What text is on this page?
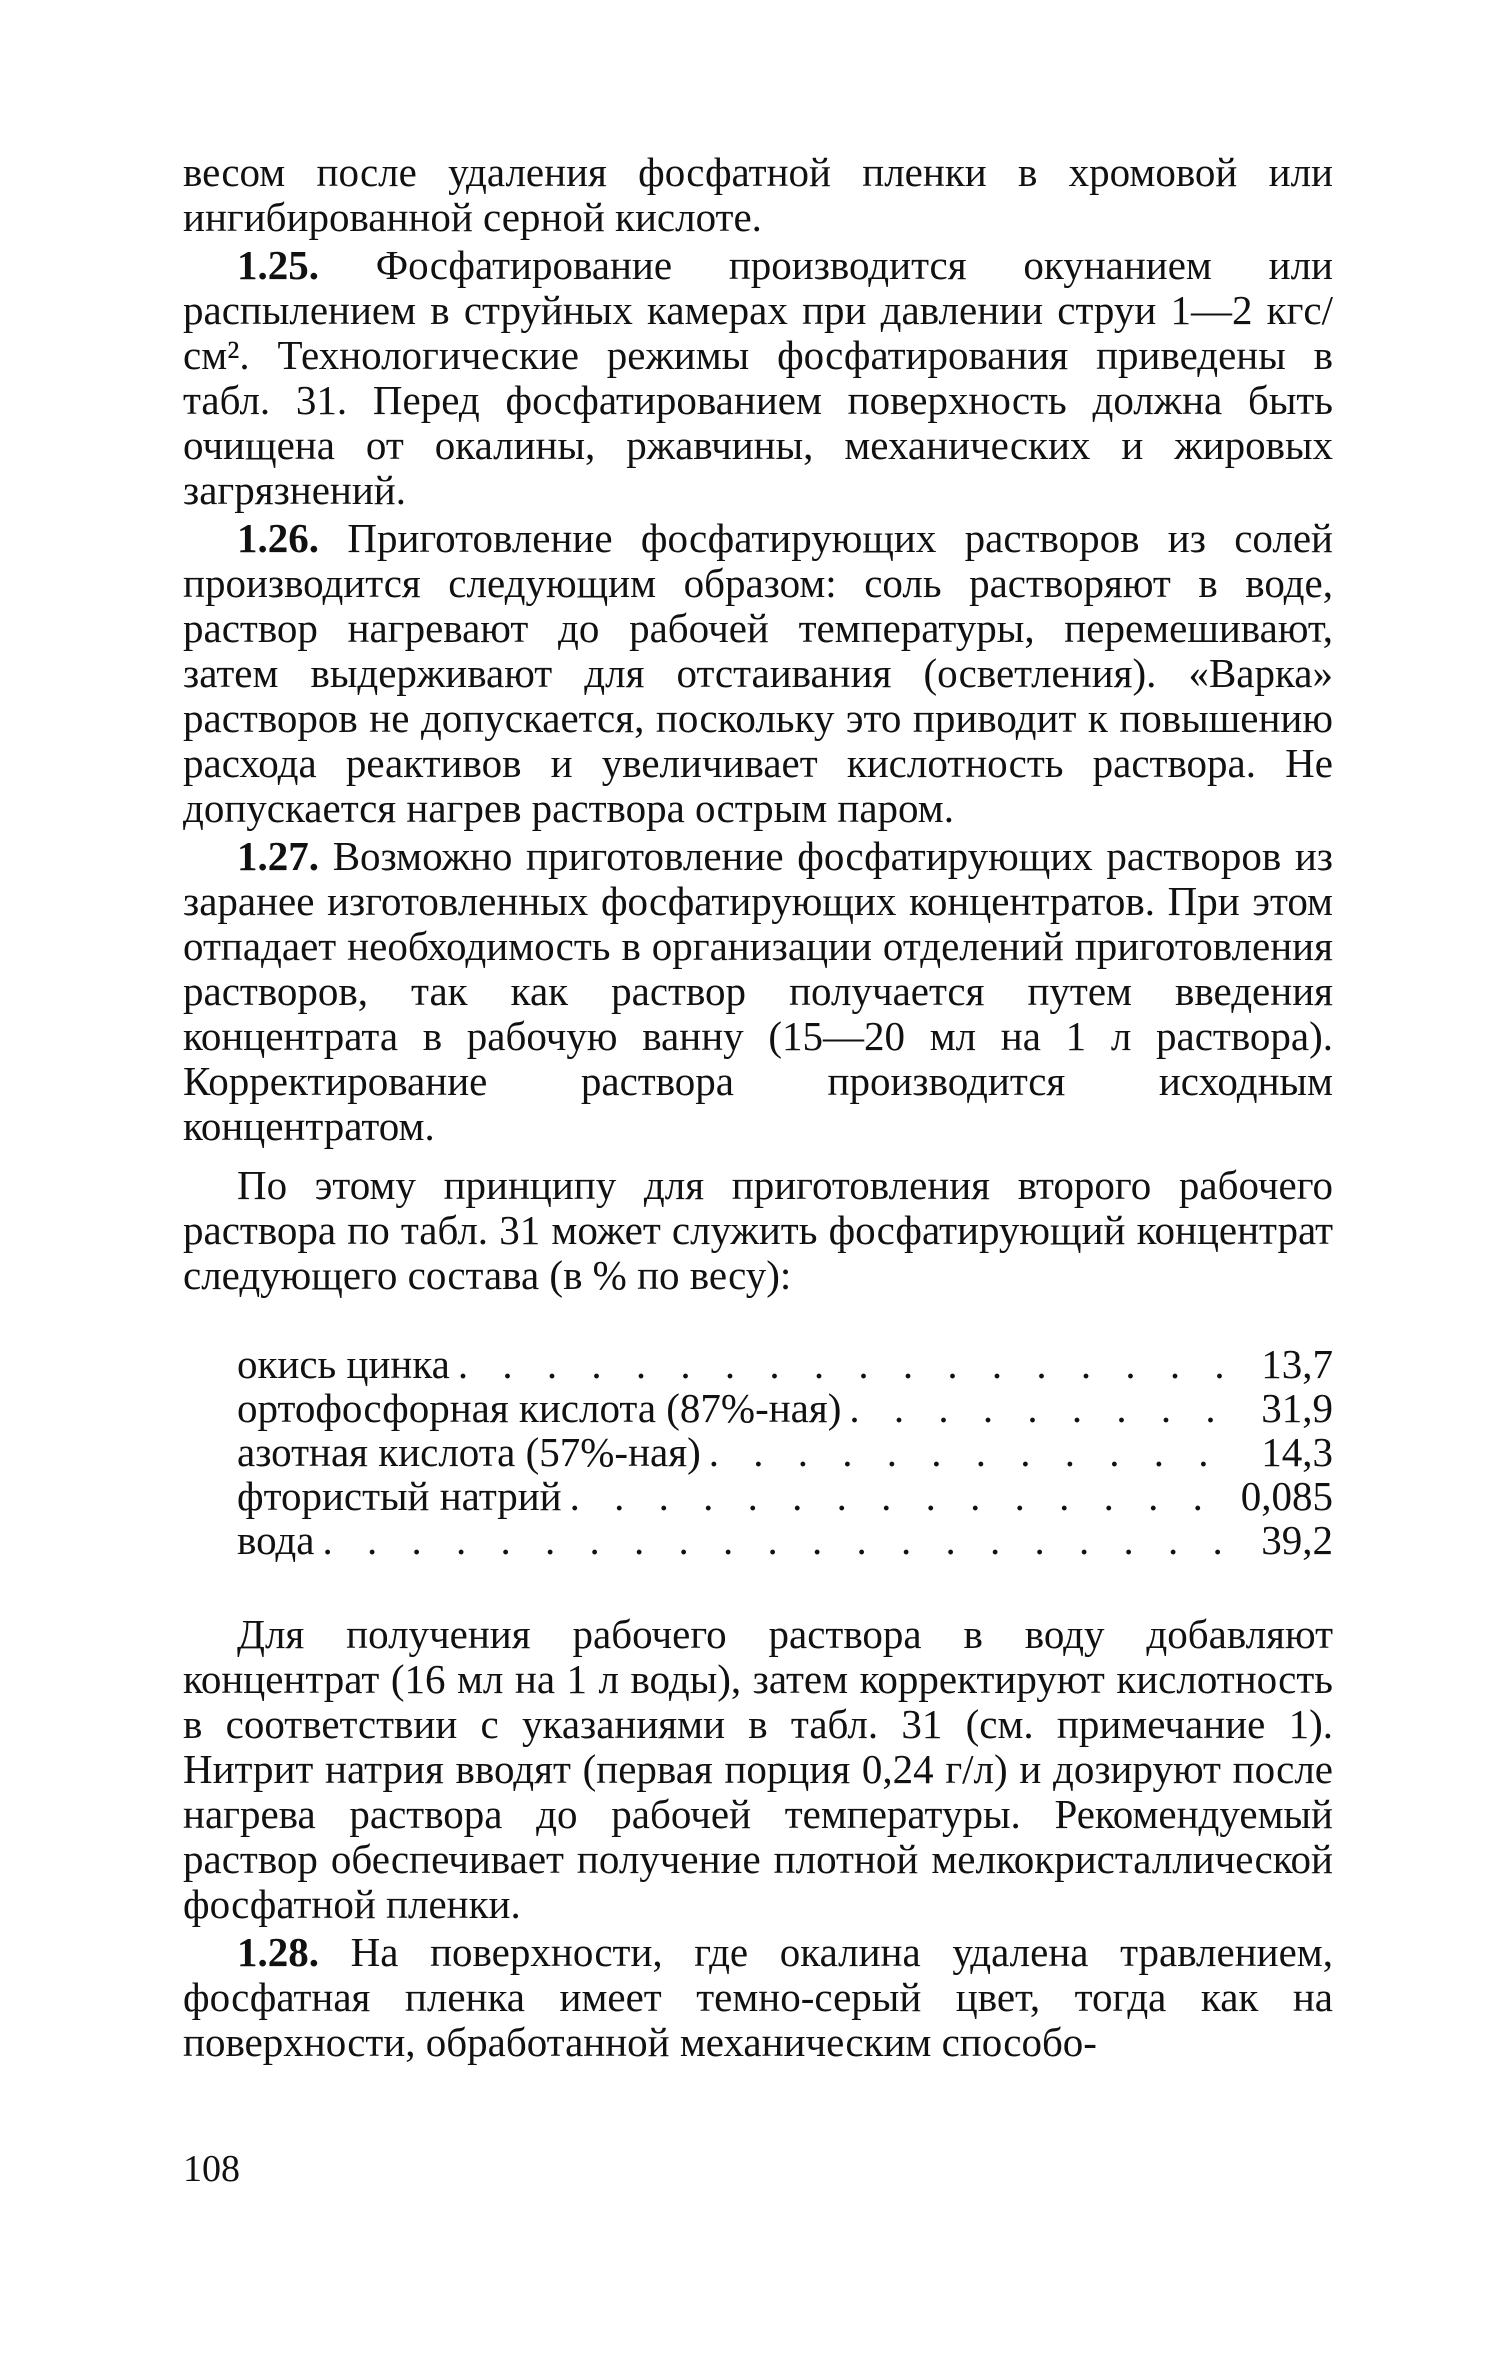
весом после удаления фосфатной пленки в хромовой или ингибированной серной кислоте.

1.25. Фосфатирование производится окунанием или распылением в струйных камерах при давлении струи 1—2 кгс/см². Технологические режимы фосфатирования приведены в табл. 31. Перед фосфатированием поверхность должна быть очищена от окалины, ржавчины, механических и жировых загрязнений.

1.26. Приготовление фосфатирующих растворов из солей производится следующим образом: соль растворяют в воде, раствор нагревают до рабочей температуры, перемешивают, затем выдерживают для отстаивания (осветления). «Варка» растворов не допускается, поскольку это приводит к повышению расхода реактивов и увеличивает кислотность раствора. Не допускается нагрев раствора острым паром.

1.27. Возможно приготовление фосфатирующих растворов из заранее изготовленных фосфатирующих концентратов. При этом отпадает необходимость в организации отделений приготовления растворов, так как раствор получается путем введения концентрата в рабочую ванну (15—20 мл на 1 л раствора). Корректирование раствора производится исходным концентратом.

По этому принципу для приготовления второго рабочего раствора по табл. 31 может служить фосфатирующий концентрат следующего состава (в % по весу):

окись цинка . . .	13,7
ортофосфорная кислота (87%-ная) . . .	31,9
азотная кислота (57%-ная) . . .	14,3
фтористый натрий . . .	0,085
вода . . .	39,2

Для получения рабочего раствора в воду добавляют концентрат (16 мл на 1 л воды), затем корректируют кислотность в соответствии с указаниями в табл. 31 (см. примечание 1). Нитрит натрия вводят (первая порция 0,24 г/л) и дозируют после нагрева раствора до рабочей температуры. Рекомендуемый раствор обеспечивает получение плотной мелкокристаллической фосфатной пленки.

1.28. На поверхности, где окалина удалена травлением, фосфатная пленка имеет темно-серый цвет, тогда как на поверхности, обработанной механическим способо-

108
